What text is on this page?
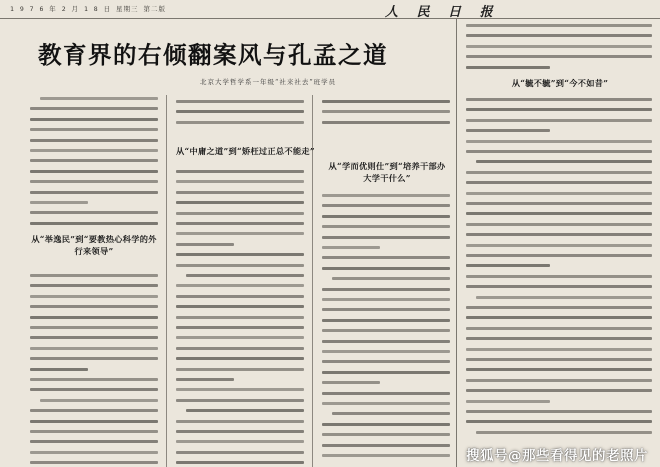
1 9 7 6 年 2 月 1 8 日 星期三 第二版	人 民 日 报
教育界的右倾翻案风与孔孟之道
北京大学哲学系一年级“社来社去”班学员
从“举逸民”到“要教热心科学的外行来领导”
从“中庸之道”到“矫枉过正总不能走”
从“学而优则仕”到“培养干部办大学干什么”
从“毓不毓”到“今不如昔”
搜狐号@那些看得见的老照片
